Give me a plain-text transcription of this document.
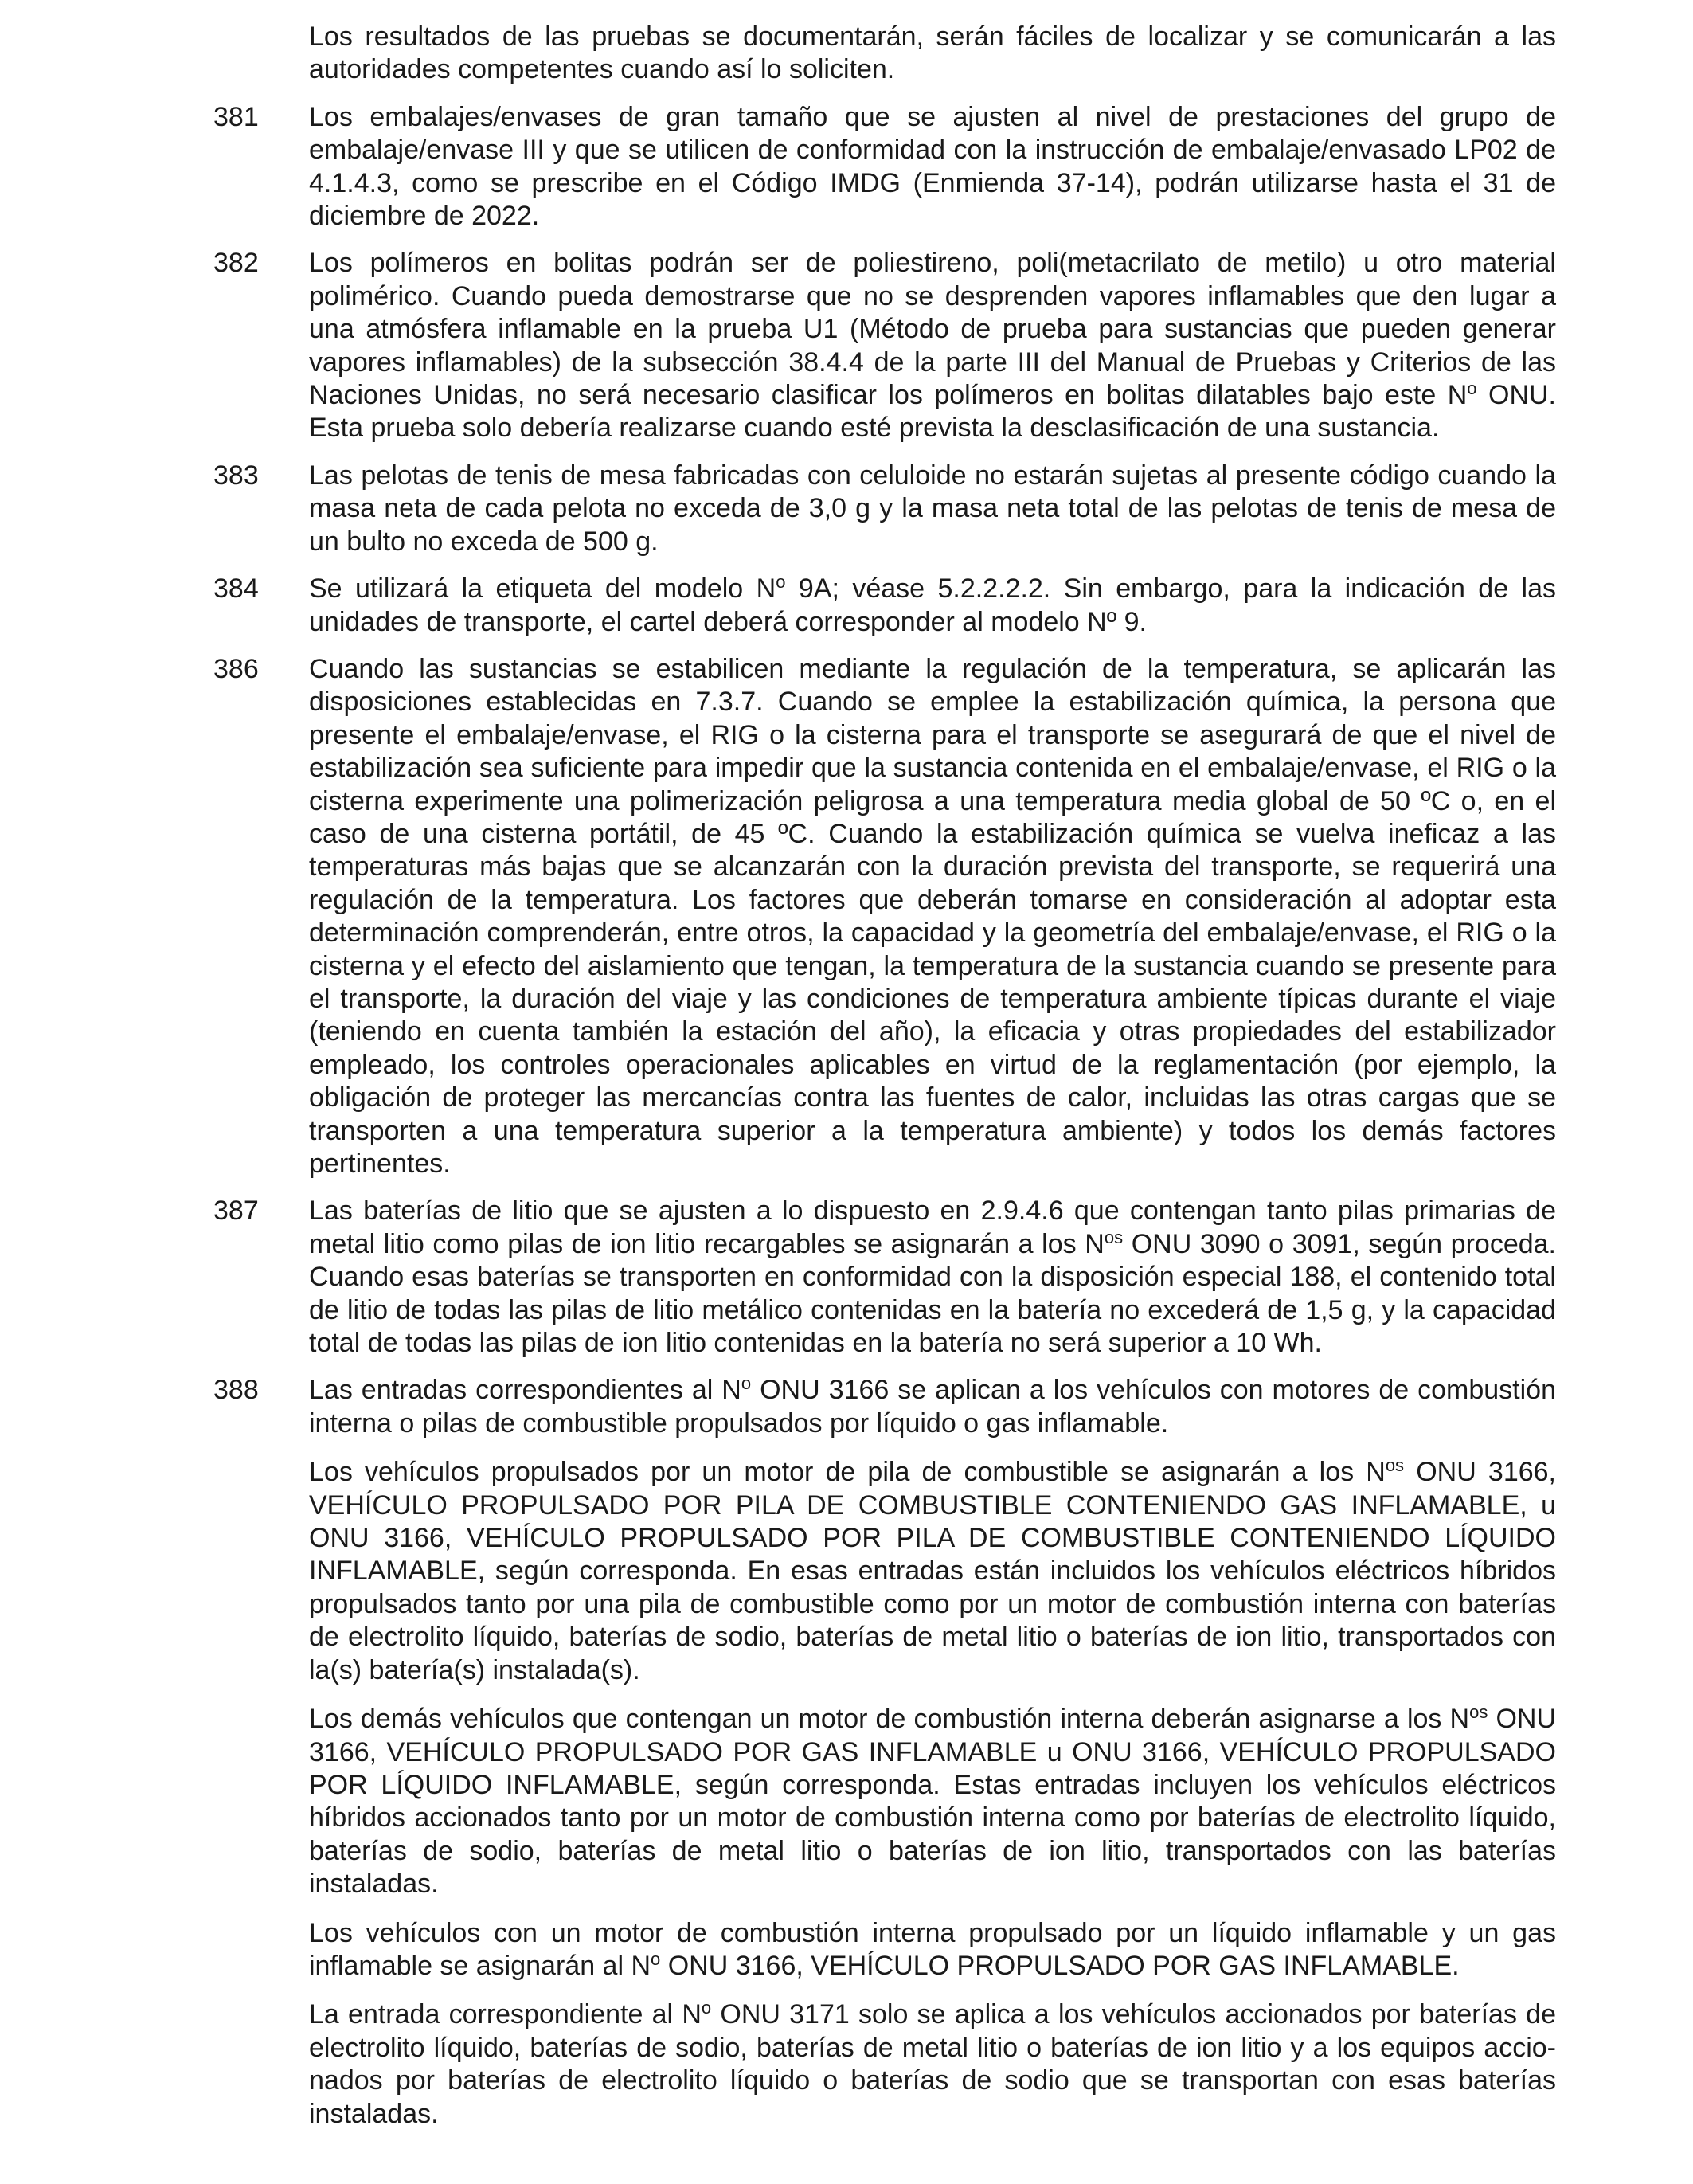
Los resultados de las pruebas se documentarán, serán fáciles de localizar y se comunicarán a las autoridades competentes cuando así lo soliciten.

381 Los embalajes/envases de gran tamaño que se ajusten al nivel de prestaciones del grupo de embalaje/envase III y que se utilicen de conformidad con la instrucción de embalaje/envasado LP02 de 4.1.4.3, como se prescribe en el Código IMDG (Enmienda 37-14), podrán utilizarse hasta el 31 de diciembre de 2022.

382 Los polímeros en bolitas podrán ser de poliestireno, poli(metacrilato de metilo) u otro material polimérico. Cuando pueda demostrarse que no se desprenden vapores inflamables que den lugar a una atmósfera inflamable en la prueba U1 (Método de prueba para sustancias que pueden generar vapores inflamables) de la subsección 38.4.4 de la parte III del Manual de Pruebas y Criterios de las Naciones Unidas, no será necesario clasificar los polímeros en bolitas dilatables bajo este $N^o$ ONU. Esta prueba solo debería realizarse cuando esté prevista la desclasificación de una sustancia.

383 Las pelotas de tenis de mesa fabricadas con celuloide no estarán sujetas al presente código cuando la masa neta de cada pelota no exceda de 3,0 g y la masa neta total de las pelotas de tenis de mesa de un bulto no exceda de 500 g.

384 Se utilizará la etiqueta del modelo $N^o$ 9A; véase 5.2.2.2.2. Sin embargo, para la indicación de las unidades de transporte, el cartel deberá corresponder al modelo Nº 9.

386 Cuando las sustancias se estabilicen mediante la regulación de la temperatura, se aplicarán las disposiciones establecidas en 7.3.7. Cuando se emplee la estabilización química, la persona que presente el embalaje/envase, el RIG o la cisterna para el transporte se asegurará de que el nivel de estabilización sea suficiente para impedir que la sustancia contenida en el embalaje/envase, el RIG o la cisterna experimente una polimerización peligrosa a una temperatura media global de 50 ºC o, en el caso de una cisterna portátil, de 45 ºC. Cuando la estabilización química se vuelva ineficaz a las temperaturas más bajas que se alcanzarán con la duración prevista del transporte, se requerirá una regulación de la temperatura. Los factores que deberán tomarse en consideración al adoptar esta determinación comprenderán, entre otros, la capacidad y la geometría del embalaje/envase, el RIG o la cisterna y el efecto del aislamiento que tengan, la temperatura de la sustancia cuando se presente para el transporte, la duración del viaje y las condiciones de temperatura ambiente típicas durante el viaje (teniendo en cuenta también la estación del año), la eficacia y otras propiedades del estabilizador empleado, los controles operacionales aplicables en virtud de la reglamentación (por ejemplo, la obligación de proteger las mercancías contra las fuentes de calor, incluidas las otras cargas que se transporten a una temperatura superior a la temperatura ambiente) y todos los demás factores pertinentes.

387 Las baterías de litio que se ajusten a lo dispuesto en 2.9.4.6 que contengan tanto pilas primarias de metal litio como pilas de ion litio recargables se asignarán a los $N^{os}$ ONU 3090 o 3091, según proceda. Cuando esas baterías se transporten en conformidad con la disposición especial 188, el contenido total de litio de todas las pilas de litio metálico contenidas en la batería no excederá de 1,5 g, y la capacidad total de todas las pilas de ion litio contenidas en la batería no será superior a 10 Wh.

388 Las entradas correspondientes al $N^o$ ONU 3166 se aplican a los vehículos con motores de combustión interna o pilas de combustible propulsados por líquido o gas inflamable.

Los vehículos propulsados por un motor de pila de combustible se asignarán a los $N^{os}$ ONU 3166, VEHÍCULO PROPULSADO POR PILA DE COMBUSTIBLE CONTENIENDO GAS INFLAMABLE, u ONU 3166, VEHÍCULO PROPULSADO POR PILA DE COMBUSTIBLE CONTENIENDO LÍQUIDO INFLAMABLE, según corresponda. En esas entradas están incluidos los vehículos eléctricos híbridos propulsados tanto por una pila de combustible como por un motor de combustión interna con baterías de electrolito líquido, baterías de sodio, baterías de metal litio o baterías de ion litio, transportados con la(s) batería(s) instalada(s).

Los demás vehículos que contengan un motor de combustión interna deberán asignarse a los $N^{os}$ ONU 3166, VEHÍCULO PROPULSADO POR GAS INFLAMABLE u ONU 3166, VEHÍCULO PROPULSADO POR LÍQUIDO INFLAMABLE, según corresponda. Estas entradas incluyen los vehículos eléctricos híbridos accionados tanto por un motor de combustión interna como por baterías de electrolito líquido, baterías de sodio, baterías de metal litio o baterías de ion litio, transportados con las baterías instaladas.

Los vehículos con un motor de combustión interna propulsado por un líquido inflamable y un gas inflamable se asignarán al $N^o$ ONU 3166, VEHÍCULO PROPULSADO POR GAS INFLAMABLE.

La entrada correspondiente al $N^o$ ONU 3171 solo se aplica a los vehículos accionados por baterías de electrolito líquido, baterías de sodio, baterías de metal litio o baterías de ion litio y a los equipos accionados por baterías de electrolito líquido o baterías de sodio que se transportan con esas baterías instaladas.
